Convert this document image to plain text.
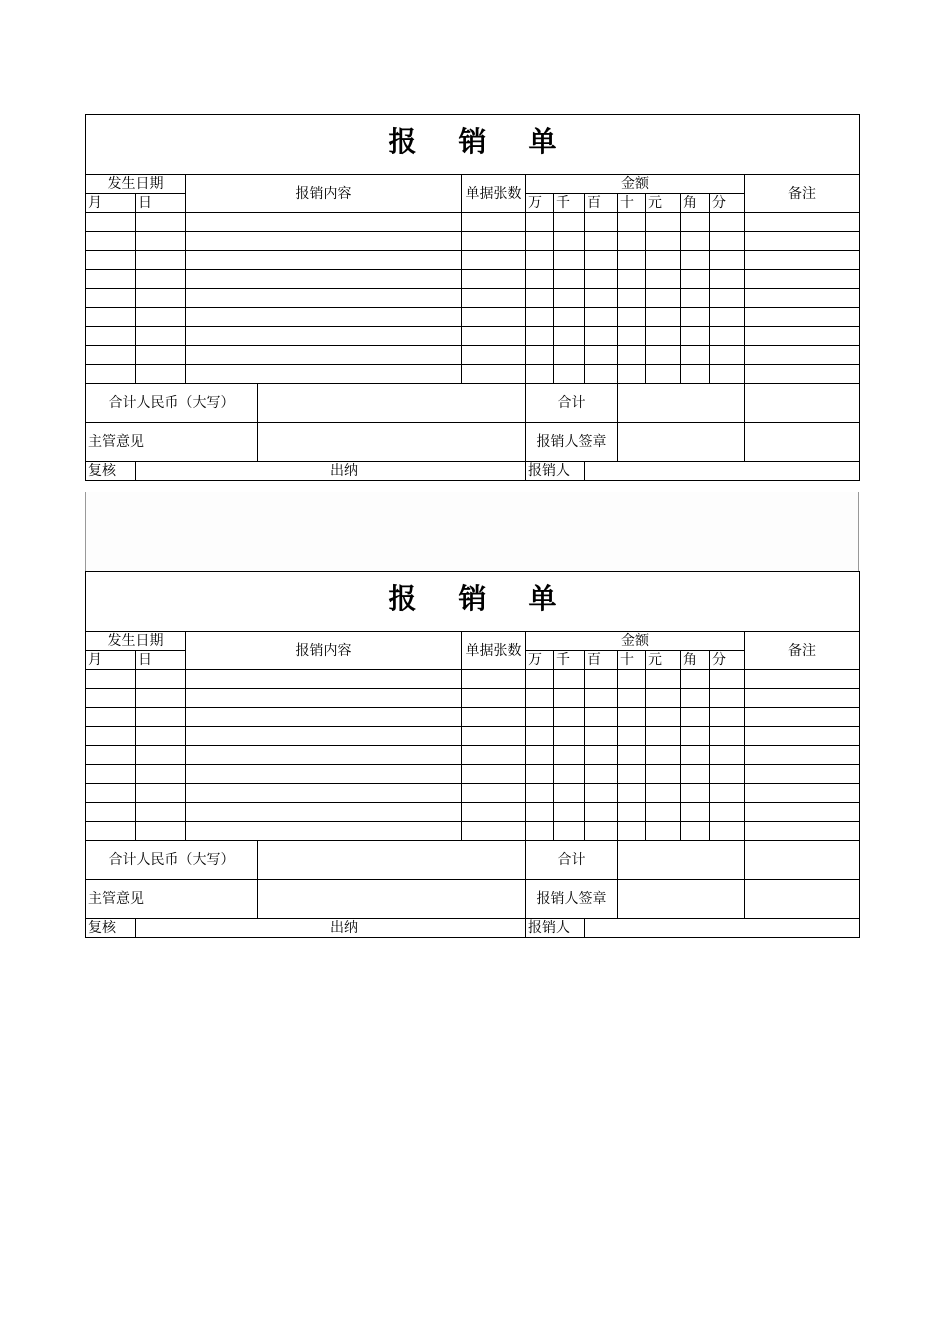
报 销 单												
发生日期		报销内容		单据张数	金额							备注
月	日				万	千	百	十	元	角	分	

合计人民币（大写）					合计							
主管意见					报销人签章							
复核	出纳				报销人							
报 销 单												
发生日期		报销内容		单据张数	金额							备注
月	日				万	千	百	十	元	角	分	

合计人民币（大写）					合计							
主管意见					报销人签章							
复核	出纳				报销人							
